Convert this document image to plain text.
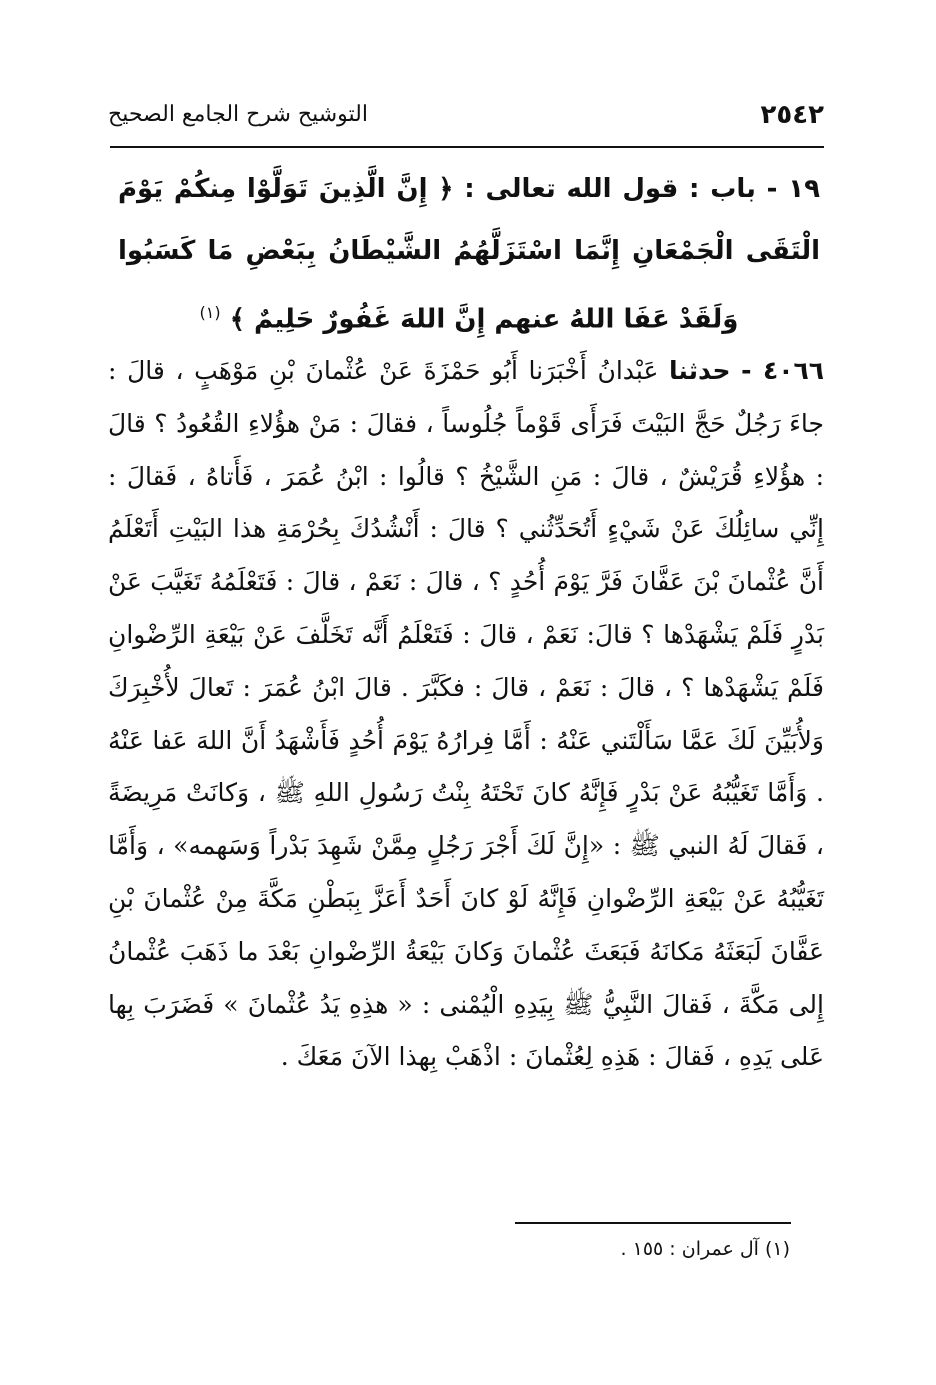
٢٥٤٢
التوشيح شرح الجامع الصحيح
١٩ - باب : قول الله تعالى : ﴿ إِنَّ الَّذِينَ تَوَلَّوْا مِنكُمْ يَوْمَ الْتَقَى الْجَمْعَانِ إِنَّمَا اسْتَزَلَّهُمُ الشَّيْطَانُ بِبَعْضِ مَا كَسَبُوا وَلَقَدْ عَفَا اللهُ عنهم إِنَّ اللهَ غَفُورٌ حَلِيمٌ ﴾ $^{(١)}$
٤٠٦٦ - حدثنا عَبْدانُ أَخْبَرَنا أَبُو حَمْزَةَ عَنْ عُثْمانَ بْنِ مَوْهَبٍ ، قالَ : جاءَ رَجُلٌ حَجَّ البَيْتَ فَرَأَى قَوْماً جُلُوساً ، فقالَ : مَنْ هؤُلاءِ القُعُودُ ؟ قالَ : هؤُلاءِ قُرَيْشٌ ، قالَ : مَنِ الشَّيْخُ ؟ قالُوا : ابْنُ عُمَرَ ، فَأَتاهُ ، فَقالَ : إِنِّي سائِلُكَ عَنْ شَيْءٍ أَتُحَدِّثُني ؟ قالَ : أَنْشُدُكَ بِحُرْمَةِ هذا البَيْتِ أَتَعْلَمُ أَنَّ عُثْمانَ بْنَ عَفَّانَ فَرَّ يَوْمَ أُحُدٍ ؟ ، قالَ : نَعَمْ ، قالَ : فَتَعْلَمُهُ تَغَيَّبَ عَنْ بَدْرٍ فَلَمْ يَشْهَدْها ؟ قالَ: نَعَمْ ، قالَ : فَتَعْلَمُ أَنَّه تَخَلَّفَ عَنْ بَيْعَةِ الرِّضْوانِ فَلَمْ يَشْهَدْها ؟ ، قالَ : نَعَمْ ، قالَ : فكَبَّرَ . قالَ ابْنُ عُمَرَ : تَعالَ لأُخْبِرَكَ وَلأُبَيِّنَ لَكَ عَمَّا سَأَلْتَني عَنْهُ : أَمَّا فِرارُهُ يَوْمَ أُحُدٍ فَأَشْهَدُ أَنَّ اللهَ عَفا عَنْهُ . وَأَمَّا تَغَيُّبُهُ عَنْ بَدْرٍ فَإِنَّهُ كانَ تَحْتَهُ بِنْتُ رَسُولِ اللهِ ﷺ ، وَكانَتْ مَرِيضَةً ، فَقالَ لَهُ النبي ﷺ : «إِنَّ لَكَ أَجْرَ رَجُلٍ مِمَّنْ شَهِدَ بَدْراً وَسَهمه» ، وَأَمَّا تَغَيُّبُهُ عَنْ بَيْعَةِ الرِّضْوانِ فَإِنَّهُ لَوْ كانَ أَحَدٌ أَعَزَّ بِبَطْنِ مَكَّةَ مِنْ عُثْمانَ بْنِ عَفَّانَ لَبَعَثَهُ مَكانَهُ فَبَعَثَ عُثْمانَ وَكانَ بَيْعَةُ الرِّضْوانِ بَعْدَ ما ذَهَبَ عُثْمانُ إِلى مَكَّةَ ، فَقالَ النَّبِيُّ ﷺ بِيَدِهِ الْيُمْنى : « هذِهِ يَدُ عُثْمانَ » فَضَرَبَ بِها عَلى يَدِهِ ، فَقالَ : هَذِهِ لِعُثْمانَ : اذْهَبْ بِهذا الآنَ مَعَكَ .
(١) آل عمران : ١٥٥ .
